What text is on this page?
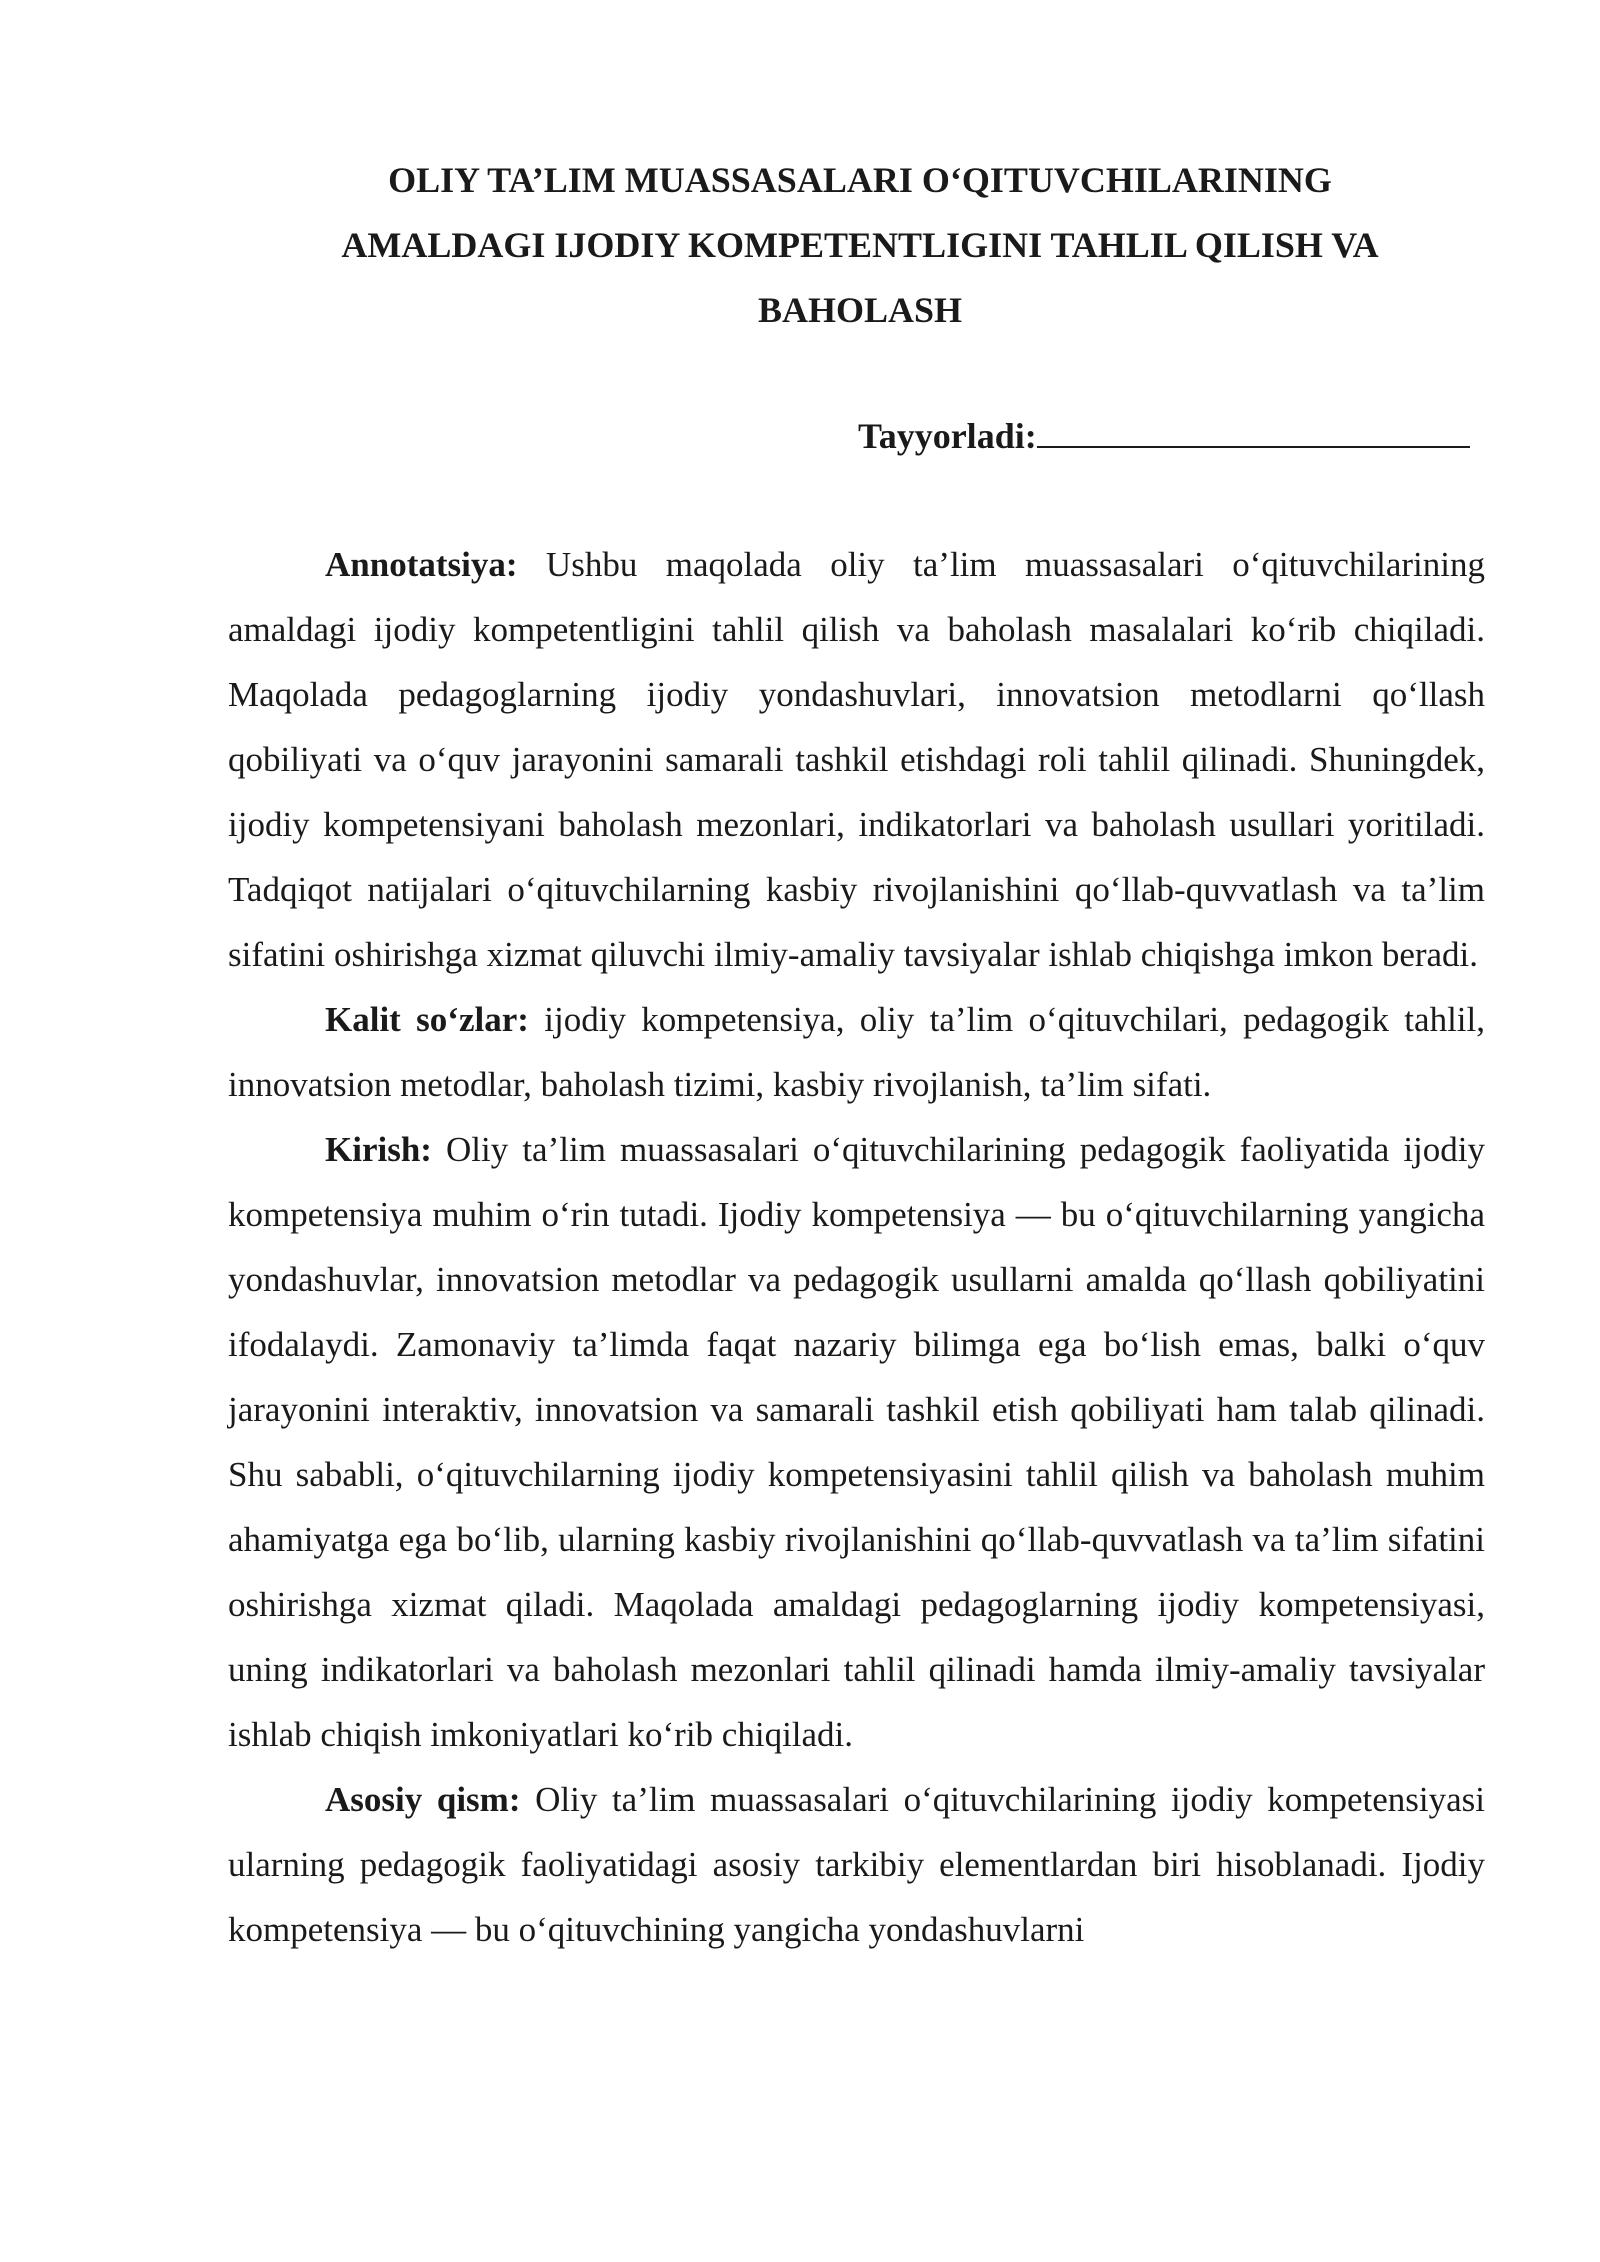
OLIY TA’LIM MUASSASALARI O‘QITUVCHILARINING
AMALDAGI IJODIY KOMPETENTLIGINI TAHLIL QILISH VA
BAHOLASH
Tayyorladi:

Annotatsiya: Ushbu maqolada oliy ta’lim muassasalari o‘qituvchilarining amaldagi ijodiy kompetentligini tahlil qilish va baholash masalalari ko‘rib chiqiladi. Maqolada pedagoglarning ijodiy yondashuvlari, innovatsion metodlarni qo‘llash qobiliyati va o‘quv jarayonini samarali tashkil etishdagi roli tahlil qilinadi. Shuningdek, ijodiy kompetensiyani baholash mezonlari, indikatorlari va baholash usullari yoritiladi. Tadqiqot natijalari o‘qituvchilarning kasbiy rivojlanishini qo‘llab-quvvatlash va ta’lim sifatini oshirishga xizmat qiluvchi ilmiy-amaliy tavsiyalar ishlab chiqishga imkon beradi.

Kalit so‘zlar: ijodiy kompetensiya, oliy ta’lim o‘qituvchilari, pedagogik tahlil, innovatsion metodlar, baholash tizimi, kasbiy rivojlanish, ta’lim sifati.

Kirish: Oliy ta’lim muassasalari o‘qituvchilarining pedagogik faoliyatida ijodiy kompetensiya muhim o‘rin tutadi. Ijodiy kompetensiya — bu o‘qituvchilarning yangicha yondashuvlar, innovatsion metodlar va pedagogik usullarni amalda qo‘llash qobiliyatini ifodalaydi. Zamonaviy ta’limda faqat nazariy bilimga ega bo‘lish emas, balki o‘quv jarayonini interaktiv, innovatsion va samarali tashkil etish qobiliyati ham talab qilinadi. Shu sababli, o‘qituvchilarning ijodiy kompetensiyasini tahlil qilish va baholash muhim ahamiyatga ega bo‘lib, ularning kasbiy rivojlanishini qo‘llab-quvvatlash va ta’lim sifatini oshirishga xizmat qiladi. Maqolada amaldagi pedagoglarning ijodiy kompetensiyasi, uning indikatorlari va baholash mezonlari tahlil qilinadi hamda ilmiy-amaliy tavsiyalar ishlab chiqish imkoniyatlari ko‘rib chiqiladi.

Asosiy qism: Oliy ta’lim muassasalari o‘qituvchilarining ijodiy kompetensiyasi ularning pedagogik faoliyatidagi asosiy tarkibiy elementlardan biri hisoblanadi. Ijodiy kompetensiya — bu o‘qituvchining yangicha yondashuvlarni
